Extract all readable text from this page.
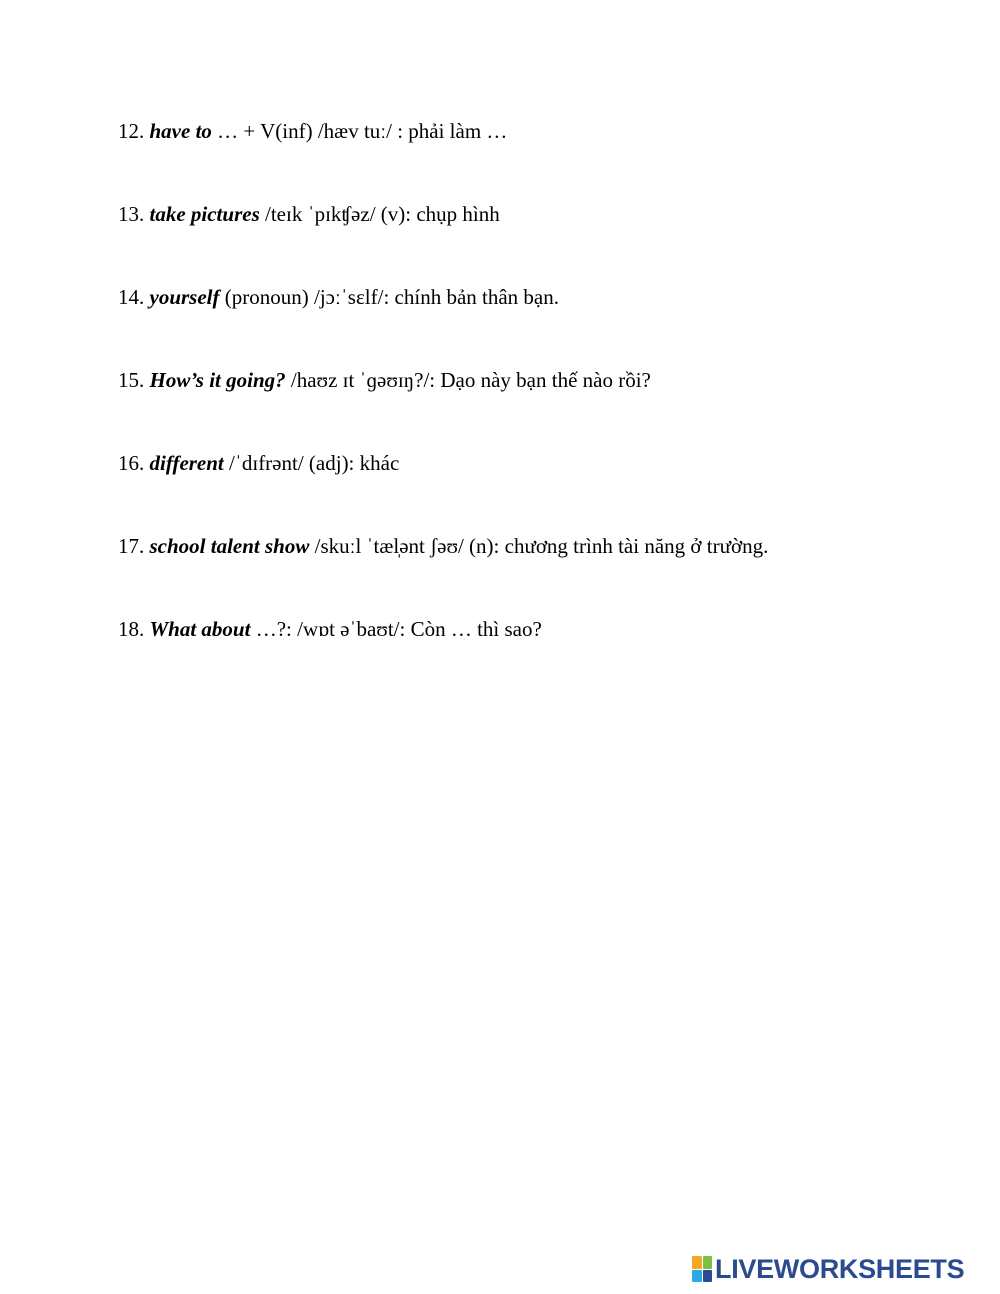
12. have to … + V(inf) /hæv tuː/ : phải làm …
13. take pictures /teɪk ˈpɪkʧəz/ (v): chụp hình
14. yourself (pronoun) /jɔːˈsɛlf/: chính bản thân bạn.
15. How’s it going? /haʊz ɪt ˈɡəʊɪŋ?/: Dạo này bạn thế nào rồi?
16. different /ˈdɪfrənt/ (adj): khác
17. school talent show /skuːl ˈtæl̩ənt ʃəʊ/ (n): chương trình tài năng ở trường.
18. What about …?: /wɒt əˈbaʊt/: Còn … thì sao?
LIVEWORKSHEETS
